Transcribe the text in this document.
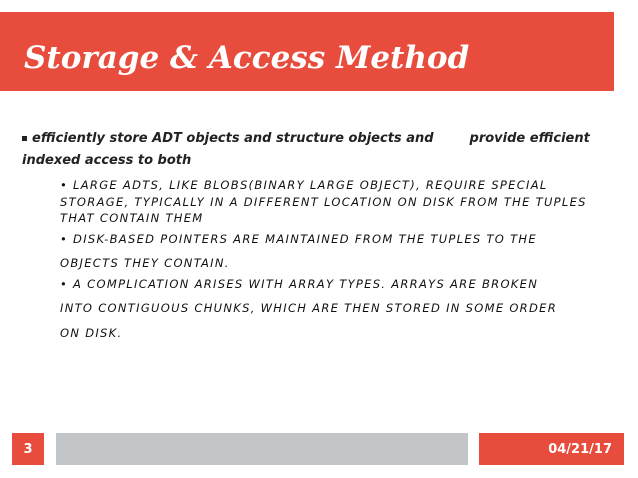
Storage & Access Method
efficiently store ADT objects and structure objects and	provide efficient indexed access to both
• LARGE ADTS, LIKE BLOBS(BINARY LARGE OBJECT), REQUIRE SPECIAL STORAGE, TYPICALLY IN A DIFFERENT LOCATION ON DISK FROM THE TUPLES THAT CONTAIN THEM
• DISK-BASED POINTERS ARE MAINTAINED FROM THE TUPLES TO THE
OBJECTS THEY CONTAIN.
• A COMPLICATION ARISES WITH ARRAY TYPES. ARRAYS ARE BROKEN
INTO CONTIGUOUS CHUNKS, WHICH ARE THEN STORED IN SOME ORDER
ON DISK.
3	04/21/17
